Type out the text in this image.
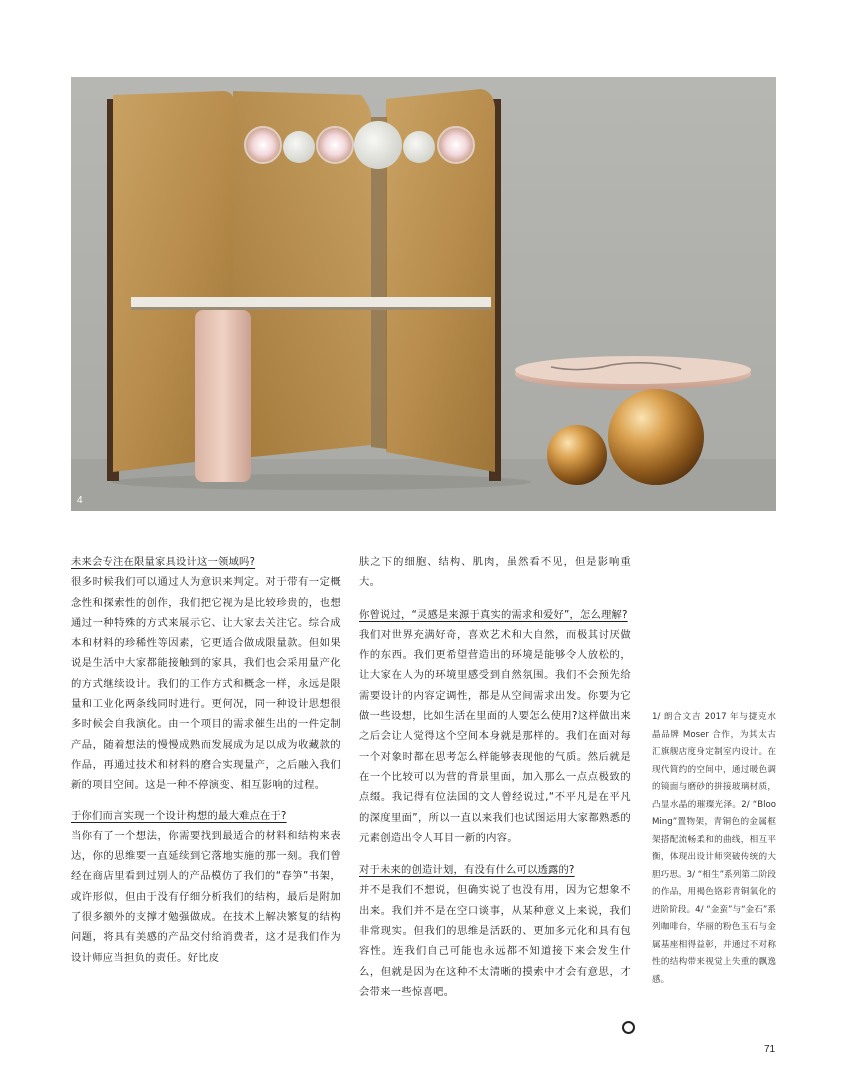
4

未来会专注在限量家具设计这一领域吗?

很多时候我们可以通过人为意识来判定。对于带有一定概念性和探索性的创作，我们把它视为是比较珍贵的，也想通过一种特殊的方式来展示它、让大家去关注它。综合成本和材料的珍稀性等因素，它更适合做成限量款。但如果说是生活中大家都能接触到的家具，我们也会采用量产化的方式继续设计。我们的工作方式和概念一样，永远是限量和工业化两条线同时进行。更何况，同一种设计思想很多时候会自我演化。由一个项目的需求催生出的一件定制产品，随着想法的慢慢成熟而发展成为足以成为收藏款的作品，再通过技术和材料的磨合实现量产，之后融入我们新的项目空间。这是一种不停演变、相互影响的过程。

于你们而言实现一个设计构想的最大难点在于?

当你有了一个想法，你需要找到最适合的材料和结构来表达，你的思维要一直延续到它落地实施的那一刻。我们曾经在商店里看到过别人的产品模仿了我们的“春笋”书架，或许形似，但由于没有仔细分析我们的结构，最后是附加了很多额外的支撑才勉强做成。在技术上解决繁复的结构问题，将具有美感的产品交付给消费者，这才是我们作为设计师应当担负的责任。好比皮

肤之下的细胞、结构、肌肉，虽然看不见，但是影响重大。

你曾说过，“灵感是来源于真实的需求和爱好”，怎么理解?

我们对世界充满好奇，喜欢艺术和大自然，而极其讨厌做作的东西。我们更希望营造出的环境是能够令人放松的，让大家在人为的环境里感受到自然氛围。我们不会预先给需要设计的内容定调性，都是从空间需求出发。你要为它做一些设想，比如生活在里面的人要怎么使用?这样做出来之后会让人觉得这个空间本身就是那样的。我们在面对每一个对象时都在思考怎么样能够表现他的气质。然后就是在一个比较可以为营的背景里面，加入那么一点点极致的点缀。我记得有位法国的文人曾经说过,“不平凡是在平凡的深度里面”，所以一直以来我们也试图运用大家都熟悉的元素创造出令人耳目一新的内容。

对于未来的创造计划，有没有什么可以透露的?

并不是我们不想说，但确实说了也没有用，因为它想象不出来。我们并不是在空口谈事，从某种意义上来说，我们非常现实。但我们的思维是活跃的、更加多元化和具有包容性。连我们自己可能也永远都不知道接下来会发生什么，但就是因为在这种不太清晰的摸索中才会有意思，才会带来一些惊喜吧。

1/ 朗合文吉 2017 年与捷克水晶品牌 Moser 合作，为其太古汇旗舰店度身定制室内设计。在现代简约的空间中，通过暖色调的镜面与磨砂的拼接玻璃材质，凸显水晶的璀璨光泽。2/ “Bloo Ming”置物架，青铜色的金属框架搭配流畅柔和的曲线，相互平衡，体现出设计师突破传统的大胆巧思。3/ “相生”系列第二阶段的作品，用褐色铬彩青铜氧化的进阶阶段。4/ “金蛮”与“金石”系列咖啡台，华丽的粉色玉石与金属基座相得益彰，并通过不对称性的结构带来视觉上失重的飘逸感。
71
